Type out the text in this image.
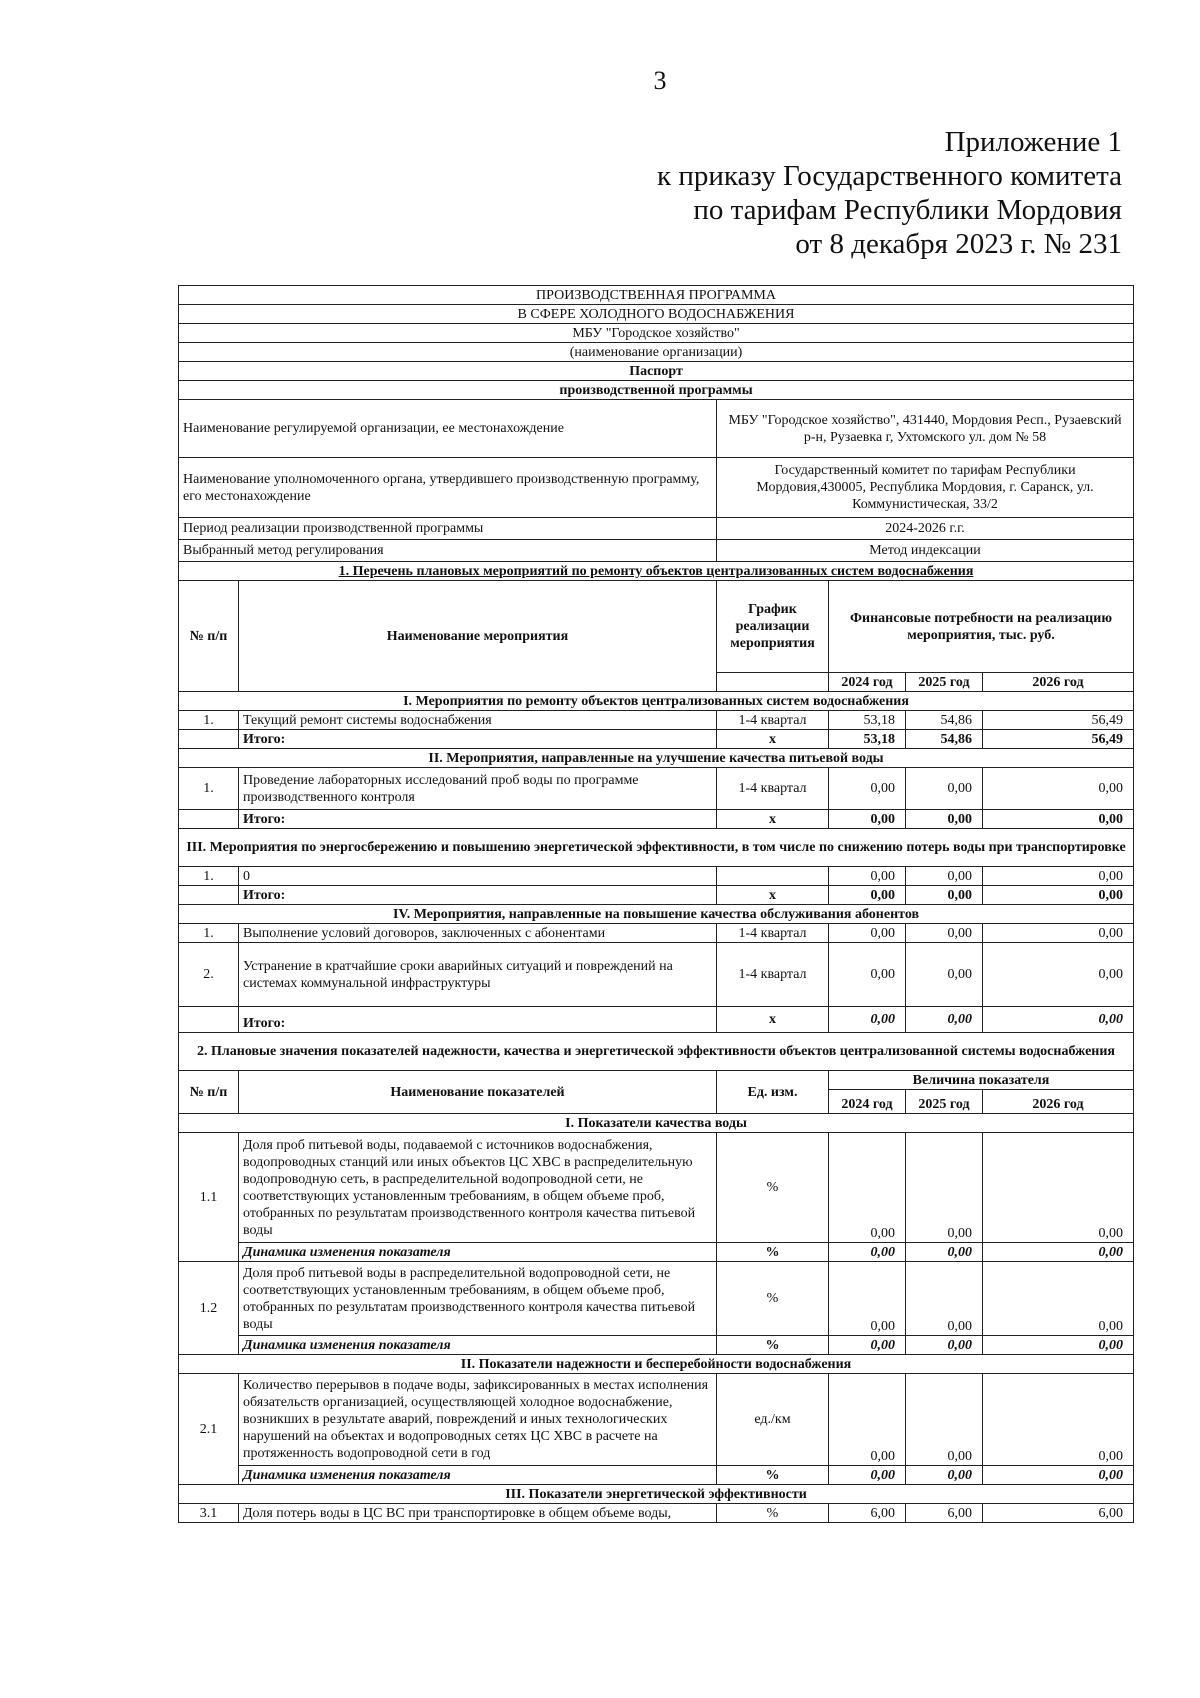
3
Приложение 1
к приказу Государственного комитета
по тарифам Республики Мордовия
от 8 декабря 2023 г. № 231
ПРОИЗВОДСТВЕННАЯ ПРОГРАММА					
В СФЕРЕ ХОЛОДНОГО ВОДОСНАБЖЕНИЯ					
МБУ "Городское хозяйство"					
(наименование организации)					
Паспорт					
производственной программы					
Наименование регулируемой организации, ее местонахождение		МБУ "Городское хозяйство", 431440, Мордовия Респ., Рузаевский р-н, Рузаевка г, Ухтомского ул. дом № 58			
Наименование уполномоченного органа, утвердившего производственную программу, его местонахождение		Государственный комитет по тарифам Республики Мордовия,430005, Республика Мордовия, г. Саранск, ул. Коммунистическая, 33/2			
Период реализации производственной программы		2024-2026 г.г.			
Выбранный метод регулирования		Метод индексации			
1. Перечень плановых мероприятий по ремонту объектов централизованных систем водоснабжения					
№ п/п	Наименование мероприятия	График реализации мероприятия	Финансовые потребности на реализацию мероприятия, тыс. руб.		
			2024 год	2025 год	2026 год
I. Мероприятия по ремонту объектов централизованных систем водоснабжения					
1.	Текущий ремонт системы водоснабжения	1-4 квартал	53,18	54,86	56,49
	Итого:	х	53,18	54,86	56,49
II. Мероприятия, направленные на улучшение качества питьевой воды					
1.	Проведение лабораторных исследований проб воды по программе производственного контроля	1-4 квартал	0,00	0,00	0,00
	Итого:	х	0,00	0,00	0,00
III. Мероприятия по энергосбережению и повышению энергетической эффективности, в том числе по снижению потерь воды при транспортировке					
1.	0		0,00	0,00	0,00
	Итого:	х	0,00	0,00	0,00
IV. Мероприятия, направленные на повышение качества обслуживания абонентов					
1.	Выполнение условий договоров, заключенных с абонентами	1-4 квартал	0,00	0,00	0,00
2.	Устранение в кратчайшие сроки аварийных ситуаций и повреждений на системах коммунальной инфраструктуры	1-4 квартал	0,00	0,00	0,00
	Итого:	х	0,00	0,00	0,00
2. Плановые значения показателей надежности, качества и энергетической эффективности объектов централизованной системы водоснабжения					
№ п/п	Наименование показателей	Ед. изм.	Величина показателя		
			2024 год	2025 год	2026 год
I. Показатели качества воды					
1.1	Доля проб питьевой воды, подаваемой с источников водоснабжения, водопроводных станций или иных объектов ЦС ХВС в распределительную водопроводную сеть, в распределительной водопроводной сети, не соответствующих установленным требованиям, в общем объеме проб, отобранных по результатам производственного контроля качества питьевой воды	%	0,00	0,00	0,00
	Динамика изменения показателя	%	0,00	0,00	0,00
1.2	Доля проб питьевой воды в распределительной водопроводной сети, не соответствующих установленным требованиям, в общем объеме проб, отобранных по результатам производственного контроля качества питьевой воды	%	0,00	0,00	0,00
	Динамика изменения показателя	%	0,00	0,00	0,00
II. Показатели надежности и бесперебойности водоснабжения					
2.1	Количество перерывов в подаче воды, зафиксированных в местах исполнения обязательств организацией, осуществляющей холодное водоснабжение, возникших в результате аварий, повреждений и иных технологических нарушений на объектах и водопроводных сетях ЦС ХВС в расчете на протяженность водопроводной сети в год	ед./км	0,00	0,00	0,00
	Динамика изменения показателя	%	0,00	0,00	0,00
III. Показатели энергетической эффективности					
3.1	Доля потерь воды в ЦС ВС при транспортировке в общем объеме воды,	%	6,00	6,00	6,00
